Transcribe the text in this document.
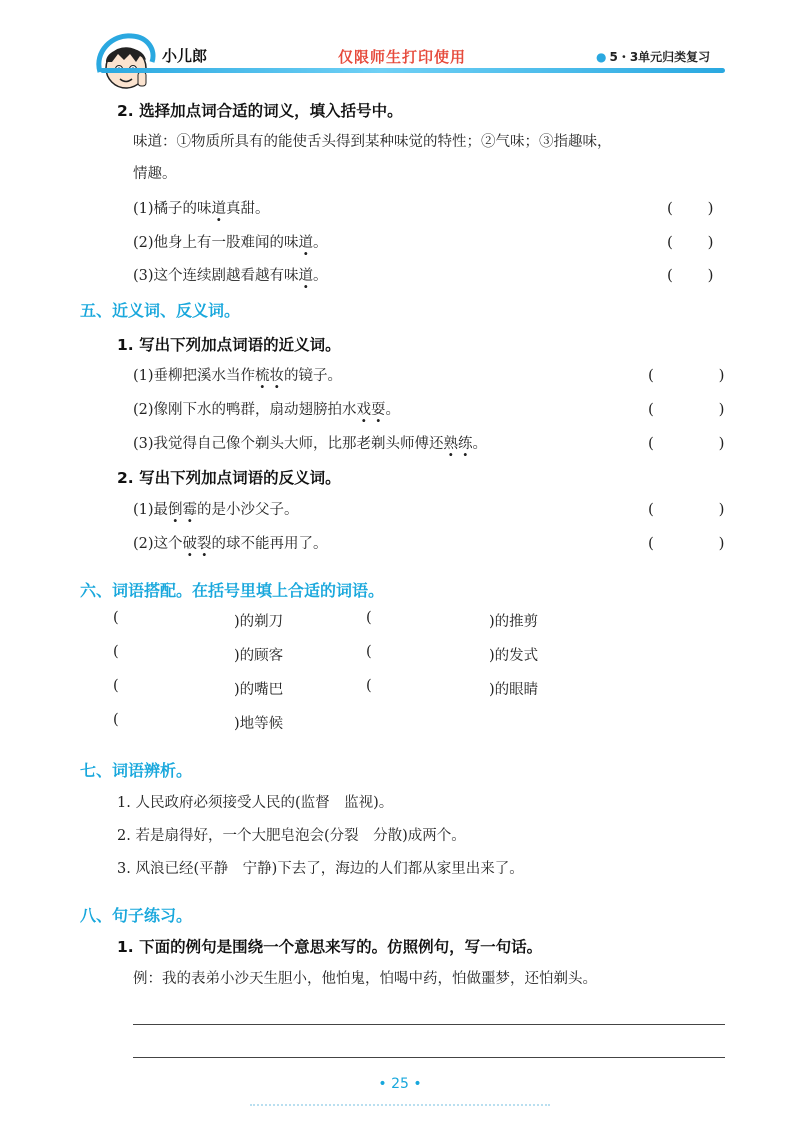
小儿郎	仅限师生打印使用	● 5・3单元归类复习
2. 选择加点词合适的词义，填入括号中。
味道：①物质所具有的能使舌头得到某种味觉的特性；②气味；③指趣味，
情趣。
(1)橘子的味道真甜。	(　　 )
(2)他身上有一股难闻的味道。	(　　 )
(3)这个连续剧越看越有味道。	(　　 )
五、近义词、反义词。
1. 写出下列加点词语的近义词。
(1)垂柳把溪水当作梳妆的镜子。	(　　　　 )
(2)像刚下水的鸭群，扇动翅膀拍水戏耍。	(　　　　 )
(3)我觉得自己像个剃头大师，比那老剃头师傅还熟练。	(　　　　 )
2. 写出下列加点词语的反义词。
(1)最倒霉的是小沙父子。	(　　　　 )
(2)这个破裂的球不能再用了。	(　　　　 )
六、词语搭配。在括号里填上合适的词语。
(	)的剃刀	(	)的推剪
(	)的顾客	(	)的发式
(	)的嘴巴	(	)的眼睛
(	)地等候
七、词语辨析。
1. 人民政府必须接受人民的(监督　监视)。
2. 若是扇得好，一个大肥皂泡会(分裂　分散)成两个。
3. 风浪已经(平静　宁静)下去了，海边的人们都从家里出来了。
八、句子练习。
1. 下面的例句是围绕一个意思来写的。仿照例句，写一句话。
例：我的表弟小沙天生胆小，他怕鬼，怕喝中药，怕做噩梦，还怕剃头。
• 25 •
